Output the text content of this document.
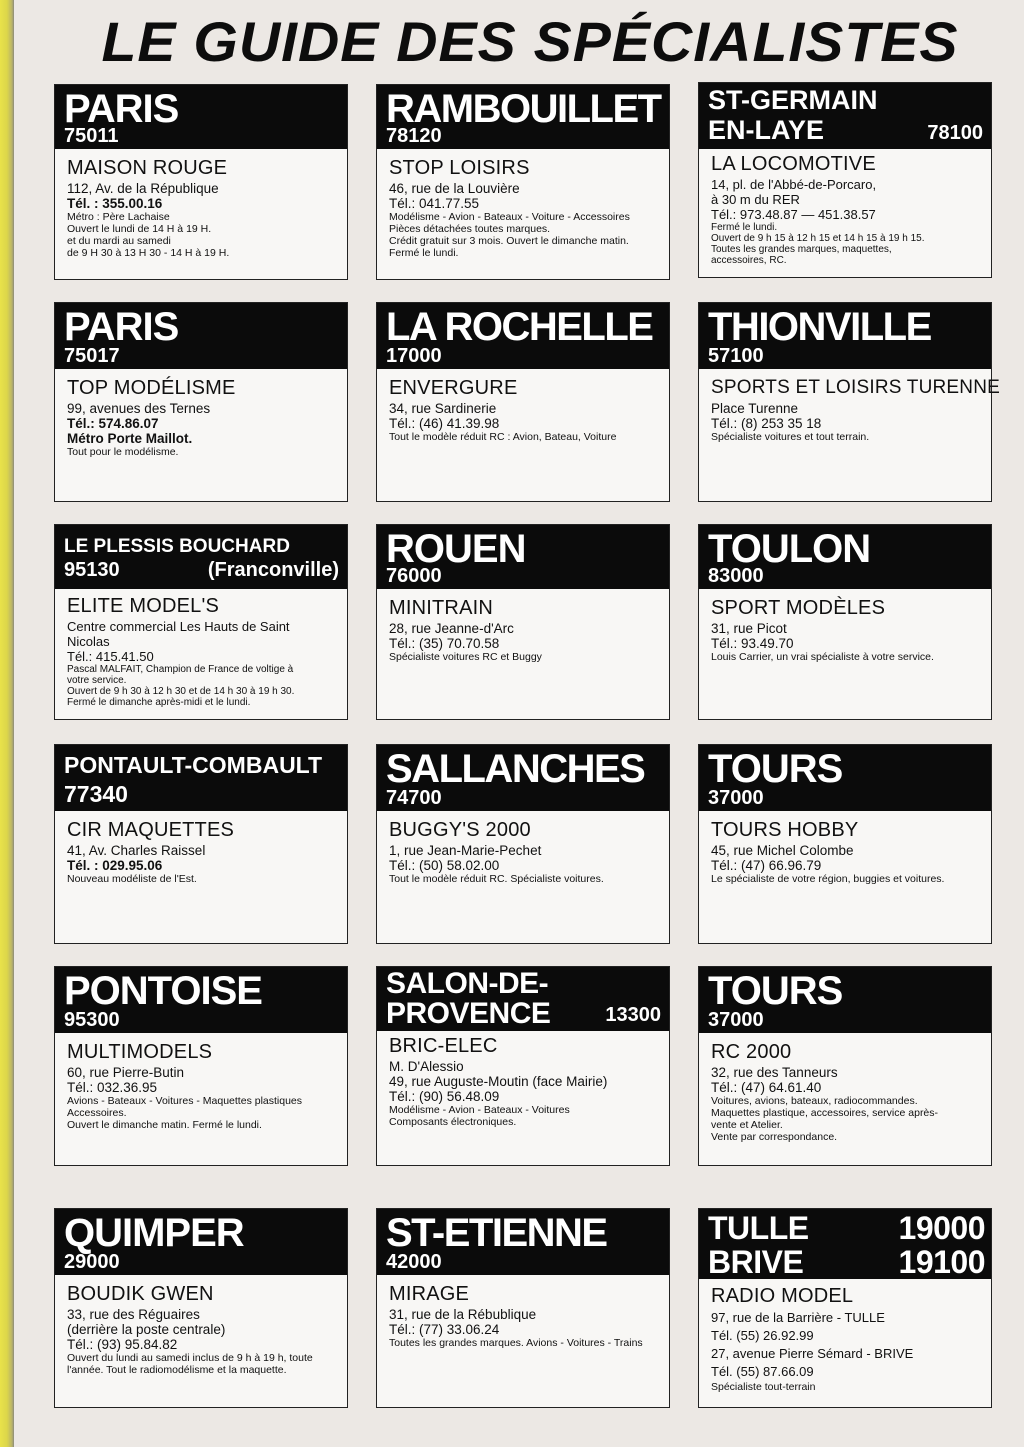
LE GUIDE DES SPÉCIALISTES
PARIS
75011
MAISON ROUGE
112, Av. de la République
Tél. : 355.00.16
Métro : Père Lachaise
Ouvert le lundi de 14 H à 19 H.
et du mardi au samedi
de 9 H 30 à 13 H 30 - 14 H à 19 H.
RAMBOUILLET
78120
STOP LOISIRS
46, rue de la Louvière
Tél.: 041.77.55
Modélisme - Avion - Bateaux - Voiture - Accessoires
Pièces détachées toutes marques.
Crédit gratuit sur 3 mois. Ouvert le dimanche matin.
Fermé le lundi.
ST-GERMAIN
EN-LAYE	78100
LA LOCOMOTIVE
14, pl. de l'Abbé-de-Porcaro,
à 30 m du RER
Tél.: 973.48.87 — 451.38.57
Fermé le lundi.
Ouvert de 9 h 15 à 12 h 15 et 14 h 15 à 19 h 15.
Toutes les grandes marques, maquettes,
accessoires, RC.
PARIS
75017
TOP MODÉLISME
99, avenues des Ternes
Tél.: 574.86.07
Métro Porte Maillot.
Tout pour le modélisme.
LA ROCHELLE
17000
ENVERGURE
34, rue Sardinerie
Tél.: (46) 41.39.98
Tout le modèle réduit RC : Avion, Bateau, Voiture
THIONVILLE
57100
SPORTS ET LOISIRS TURENNE
Place Turenne
Tél.: (8) 253 35 18
Spécialiste voitures et tout terrain.
LE PLESSIS BOUCHARD
95130	(Franconville)
ELITE MODEL'S
Centre commercial Les Hauts de Saint
Nicolas
Tél.: 415.41.50
Pascal MALFAIT, Champion de France de voltige à
votre service.
Ouvert de 9 h 30 à 12 h 30 et de 14 h 30 à 19 h 30.
Fermé le dimanche après-midi et le lundi.
ROUEN
76000
MINITRAIN
28, rue Jeanne-d'Arc
Tél.: (35) 70.70.58
Spécialiste voitures RC et Buggy
TOULON
83000
SPORT MODÈLES
31, rue Picot
Tél.: 93.49.70
Louis Carrier, un vrai spécialiste à votre service.
PONTAULT-COMBAULT
77340
CIR MAQUETTES
41, Av. Charles Raissel
Tél. : 029.95.06
Nouveau modéliste de l'Est.
SALLANCHES
74700
BUGGY'S 2000
1, rue Jean-Marie-Pechet
Tél.: (50) 58.02.00
Tout le modèle réduit RC. Spécialiste voitures.
TOURS
37000
TOURS HOBBY
45, rue Michel Colombe
Tél.: (47) 66.96.79
Le spécialiste de votre région, buggies et voitures.
PONTOISE
95300
MULTIMODELS
60, rue Pierre-Butin
Tél.: 032.36.95
Avions - Bateaux - Voitures - Maquettes plastiques
Accessoires.
Ouvert le dimanche matin. Fermé le lundi.
SALON-DE-
PROVENCE	13300
BRIC-ELEC
M. D'Alessio
49, rue Auguste-Moutin (face Mairie)
Tél.: (90) 56.48.09
Modélisme - Avion - Bateaux - Voitures
Composants électroniques.
TOURS
37000
RC 2000
32, rue des Tanneurs
Tél.: (47) 64.61.40
Voitures, avions, bateaux, radiocommandes.
Maquettes plastique, accessoires, service après-
vente et Atelier.
Vente par correspondance.
QUIMPER
29000
BOUDIK GWEN
33, rue des Réguaires
(derrière la poste centrale)
Tél.: (93) 95.84.82
Ouvert du lundi au samedi inclus de 9 h à 19 h, toute
l'année. Tout le radiomodélisme et la maquette.
ST-ETIENNE
42000
MIRAGE
31, rue de la Rébublique
Tél.: (77) 33.06.24
Toutes les grandes marques. Avions - Voitures - Trains
TULLE	19000
BRIVE	19100
RADIO MODEL
97, rue de la Barrière - TULLE
Tél. (55) 26.92.99
27, avenue Pierre Sémard - BRIVE
Tél. (55) 87.66.09
Spécialiste tout-terrain
